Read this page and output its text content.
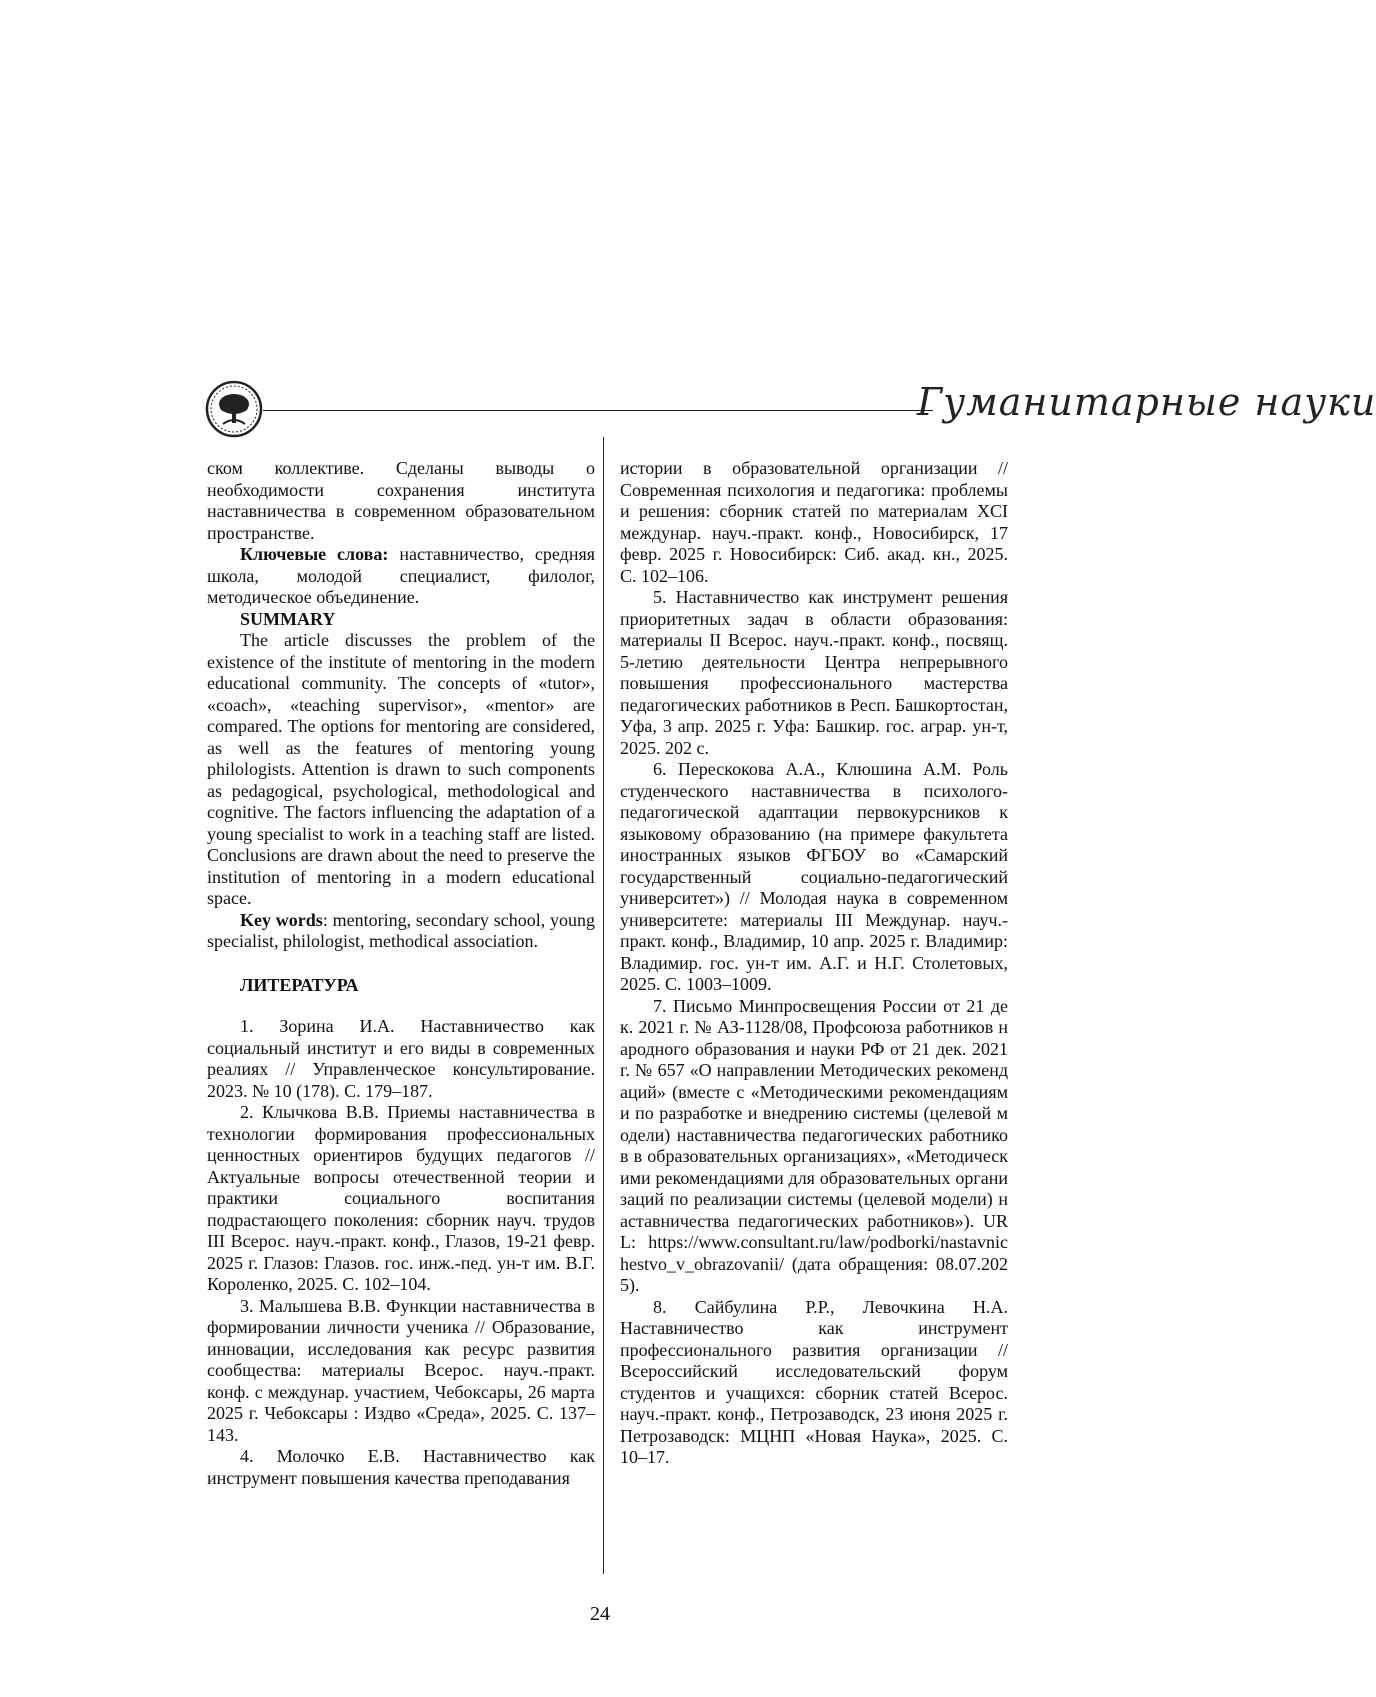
Гуманитарные науки

ском коллективе. Сделаны выводы о необходимости сохранения института наставничества в современном образовательном пространстве.

Ключевые слова: наставничество, средняя школа, молодой специалист, филолог, методическое объединение.

SUMMARY

The article discusses the problem of the existence of the institute of mentoring in the modern educational community. The concepts of «tutor», «coach», «teaching supervisor», «mentor» are compared. The options for mentoring are considered, as well as the features of mentoring young philologists. Attention is drawn to such components as pedagogical, psychological, methodological and cognitive. The factors influencing the adaptation of a young specialist to work in a teaching staff are listed. Conclusions are drawn about the need to preserve the institution of mentoring in a modern educational space.

Key words: mentoring, secondary school, young specialist, philologist, methodical association.

ЛИТЕРАТУРА

1. Зорина И.А. Наставничество как социальный институт и его виды в современных реалиях // Управленческое консультирование. 2023. № 10 (178). С. 179–187.

2. Клычкова В.В. Приемы наставничества в технологии формирования профессиональных ценностных ориентиров будущих педагогов // Актуальные вопросы отечественной теории и практики социального воспитания подрастающего поколения: сборник науч. трудов III Всерос. науч.-практ. конф., Глазов, 19-21 февр. 2025 г. Глазов: Глазов. гос. инж.-пед. ун-т им. В.Г. Короленко, 2025. С. 102–104.

3. Малышева В.В. Функции наставничества в формировании личности ученика // Образование, инновации, исследования как ресурс развития сообщества: материалы Всерос. науч.-практ. конф. с междунар. участием, Чебоксары, 26 марта 2025 г. Чебоксары : Издво «Среда», 2025. С. 137–143.

4. Молочко Е.В. Наставничество как инструмент повышения качества преподавания

истории в образовательной организации // Современная психология и педагогика: проблемы и решения: сборник статей по материалам XCI междунар. науч.-практ. конф., Новосибирск, 17 февр. 2025 г. Новосибирск: Сиб. акад. кн., 2025. С. 102–106.

5. Наставничество как инструмент решения приоритетных задач в области образования: материалы II Всерос. науч.-практ. конф., посвящ. 5-летию деятельности Центра непрерывного повышения профессионального мастерства педагогических работников в Респ. Башкортостан, Уфа, 3 апр. 2025 г. Уфа: Башкир. гос. аграр. ун-т, 2025. 202 с.

6. Перескокова А.А., Клюшина А.М. Роль студенческого наставничества в психолого-педагогической адаптации первокурсников к языковому образованию (на примере факультета иностранных языков ФГБОУ во «Самарский государственный социально-педагогический университет») // Молодая наука в современном университете: материалы III Междунар. науч.-практ. конф., Владимир, 10 апр. 2025 г. Владимир: Владимир. гос. ун-т им. А.Г. и Н.Г. Столетовых, 2025. С. 1003–1009.

7. Письмо Минпросвещения России от 21 дек. 2021 г. № АЗ-1128/08, Профсоюза работников народного образования и науки РФ от 21 дек. 2021 г. № 657 «О направлении Методических рекомендаций» (вместе с «Методическими рекомендациями по разработке и внедрению системы (целевой модели) наставничества педагогических работников в образовательных организациях», «Методическими рекомендациями для образовательных организаций по реализации системы (целевой модели) наставничества педагогических работников»). URL: https://www.consultant.ru/law/podborki/nastavnichestvo_v_obrazovanii/ (дата обращения: 08.07.2025).

8. Сайбулина Р.Р., Левочкина Н.А. Наставничество как инструмент профессионального развития организации // Всероссийский исследовательский форум студентов и учащихся: сборник статей Всерос. науч.-практ. конф., Петрозаводск, 23 июня 2025 г. Петрозаводск: МЦНП «Новая Наука», 2025. С. 10–17.

24
